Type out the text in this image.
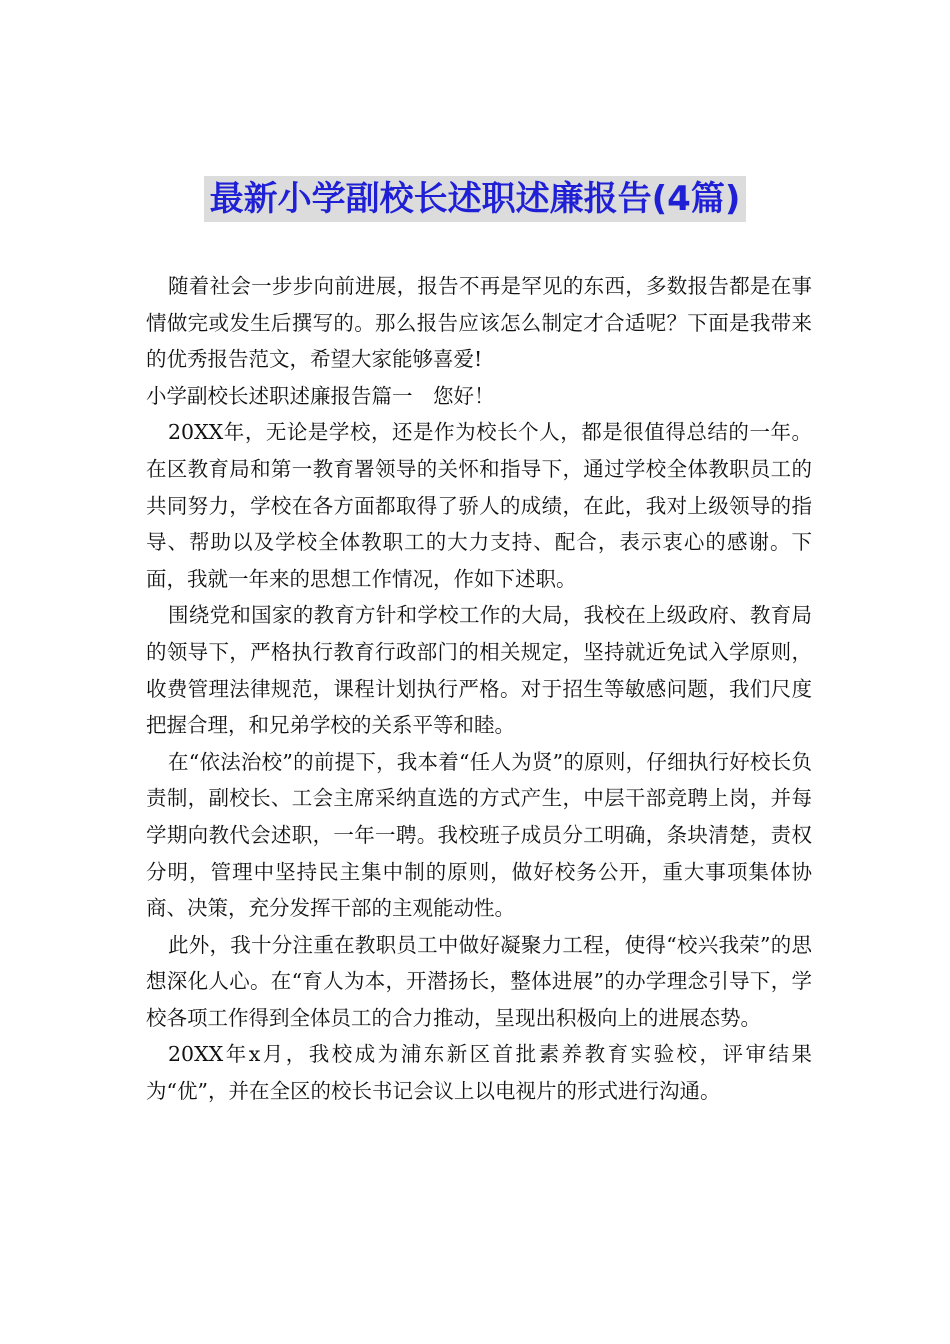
最新小学副校长述职述廉报告(4篇)

随着社会一步步向前进展，报告不再是罕见的东西，多数报告都是在事情做完或发生后撰写的。那么报告应该怎么制定才合适呢？下面是我带来的优秀报告范文，希望大家能够喜爱!

小学副校长述职述廉报告篇一　您好！

20XX年，无论是学校，还是作为校长个人，都是很值得总结的一年。在区教育局和第一教育署领导的关怀和指导下，通过学校全体教职员工的共同努力，学校在各方面都取得了骄人的成绩，在此，我对上级领导的指导、帮助以及学校全体教职工的大力支持、配合，表示衷心的感谢。下面，我就一年来的思想工作情况，作如下述职。

围绕党和国家的教育方针和学校工作的大局，我校在上级政府、教育局的领导下，严格执行教育行政部门的相关规定，坚持就近免试入学原则，收费管理法律规范，课程计划执行严格。对于招生等敏感问题，我们尺度把握合理，和兄弟学校的关系平等和睦。

在“依法治校”的前提下，我本着“任人为贤”的原则，仔细执行好校长负责制，副校长、工会主席采纳直选的方式产生，中层干部竞聘上岗，并每学期向教代会述职，一年一聘。我校班子成员分工明确，条块清楚，责权分明，管理中坚持民主集中制的原则，做好校务公开，重大事项集体协商、决策，充分发挥干部的主观能动性。

此外，我十分注重在教职员工中做好凝聚力工程，使得“校兴我荣”的思想深化人心。在“育人为本，开潜扬长，整体进展”的办学理念引导下，学校各项工作得到全体员工的合力推动，呈现出积极向上的进展态势。

20XX年x月，我校成为浦东新区首批素养教育实验校，评审结果为“优”，并在全区的校长书记会议上以电视片的形式进行沟通。
